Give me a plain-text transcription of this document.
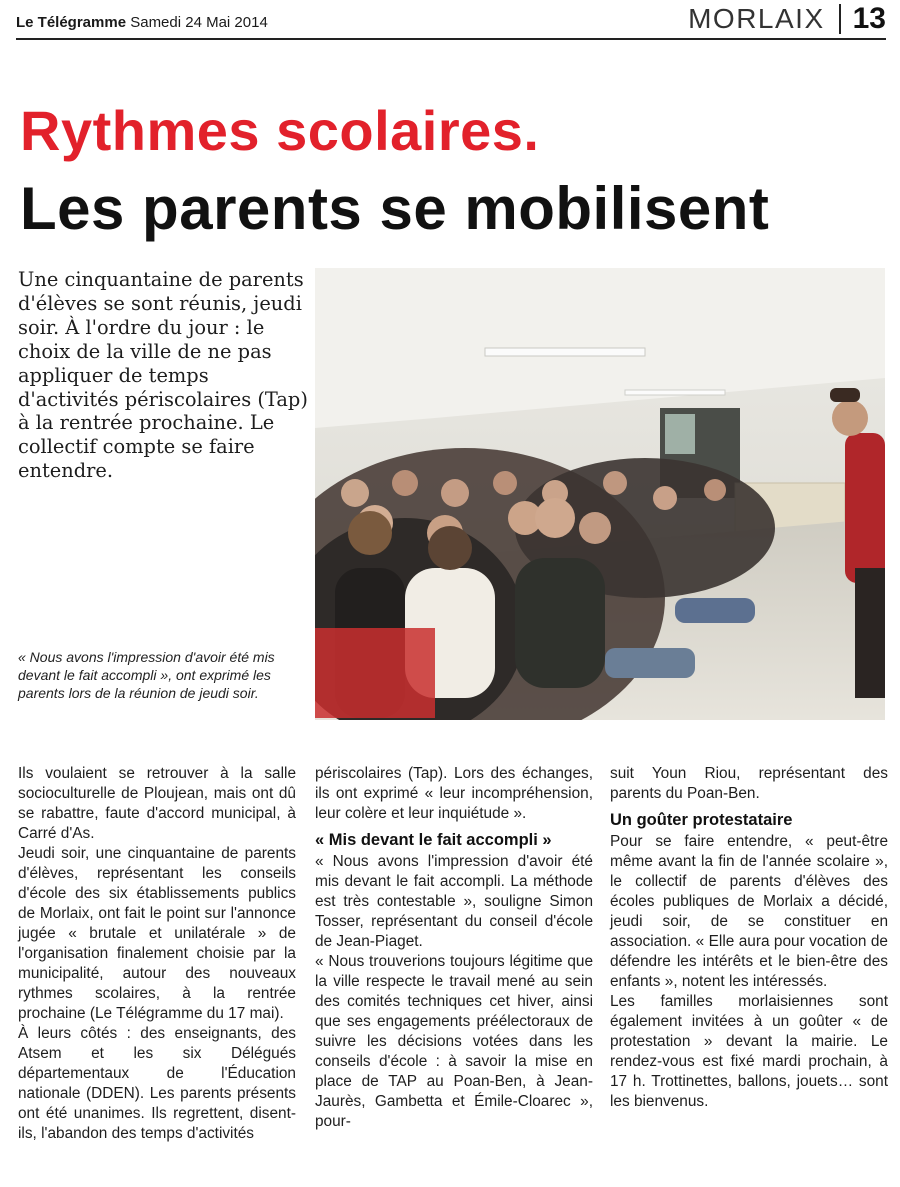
Le Télégramme Samedi 24 Mai 2014	MORLAIX 13
Rythmes scolaires.
Les parents se mobilisent

Une cinquantaine de parents d'élèves se sont réunis, jeudi soir. À l'ordre du jour : le choix de la ville de ne pas appliquer de temps d'activités périscolaires (Tap) à la rentrée prochaine. Le collectif compte se faire entendre.

« Nous avons l'impression d'avoir été mis devant le fait accompli », ont exprimé les parents lors de la réunion de jeudi soir.

Ils voulaient se retrouver à la salle socioculturelle de Ploujean, mais ont dû se rabattre, faute d'accord municipal, à Carré d'As.

Jeudi soir, une cinquantaine de parents d'élèves, représentant les conseils d'école des six établissements publics de Morlaix, ont fait le point sur l'annonce jugée « brutale et unilatérale » de l'organisation finalement choisie par la municipalité, autour des nouveaux rythmes scolaires, à la rentrée prochaine (Le Télégramme du 17 mai).

À leurs côtés : des enseignants, des Atsem et les six Délégués départementaux de l'Éducation nationale (DDEN). Les parents présents ont été unanimes. Ils regrettent, disent-ils, l'abandon des temps d'activités

périscolaires (Tap). Lors des échanges, ils ont exprimé « leur incompréhension, leur colère et leur inquiétude ».

« Mis devant le fait accompli »

« Nous avons l'impression d'avoir été mis devant le fait accompli. La méthode est très contestable », souligne Simon Tosser, représentant du conseil d'école de Jean-Piaget.

« Nous trouverions toujours légitime que la ville respecte le travail mené au sein des comités techniques cet hiver, ainsi que ses engagements préélectoraux de suivre les décisions votées dans les conseils d'école : à savoir la mise en place de TAP au Poan-Ben, à Jean-Jaurès, Gambetta et Émile-Cloarec », pour-

suit Youn Riou, représentant des parents du Poan-Ben.

Un goûter protestataire

Pour se faire entendre, « peut-être même avant la fin de l'année scolaire », le collectif de parents d'élèves des écoles publiques de Morlaix a décidé, jeudi soir, de se constituer en association. « Elle aura pour vocation de défendre les intérêts et le bien-être des enfants », notent les intéressés.

Les familles morlaisiennes sont également invitées à un goûter « de protestation » devant la mairie. Le rendez-vous est fixé mardi prochain, à 17 h. Trottinettes, ballons, jouets… sont les bienvenus.
